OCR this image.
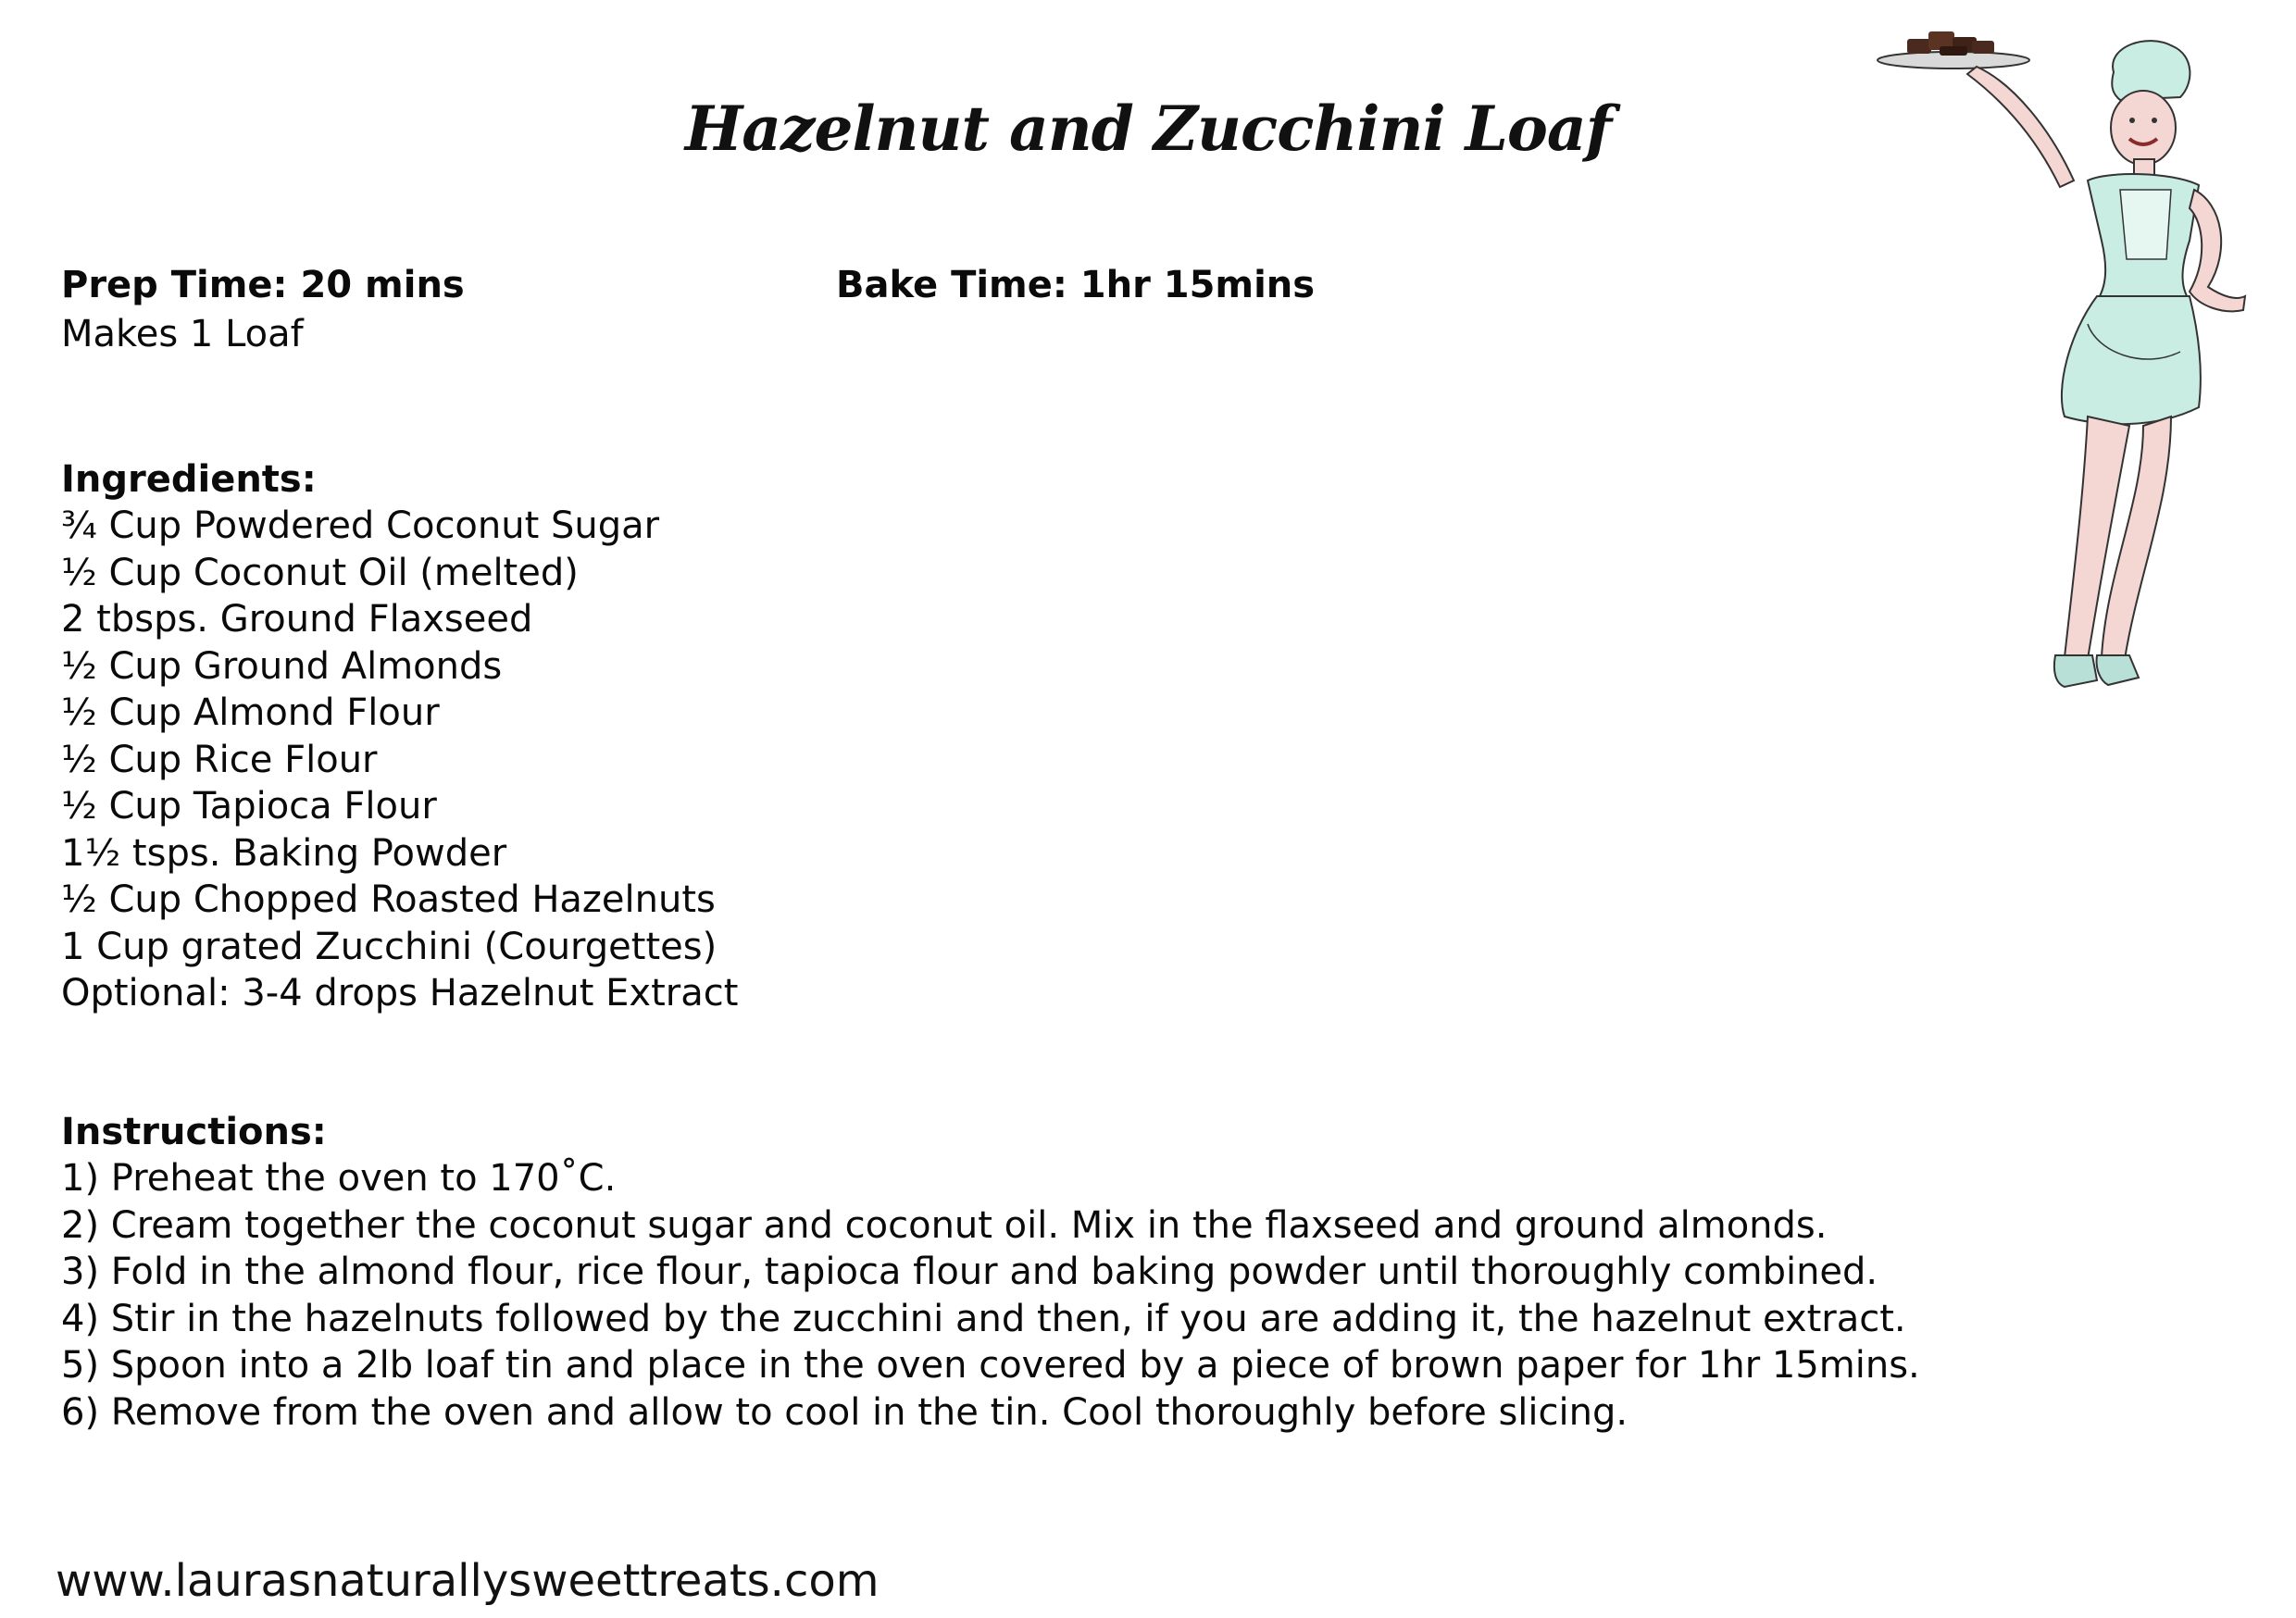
Hazelnut and Zucchini Loaf
Prep Time: 20 mins	Bake Time: 1hr 15mins
Makes 1 Loaf
Ingredients:
¾ Cup Powdered Coconut Sugar
½ Cup Coconut Oil (melted)
2 tbsps. Ground Flaxseed
½ Cup Ground Almonds
½ Cup Almond Flour
½ Cup Rice Flour
½ Cup Tapioca Flour
1½ tsps. Baking Powder
½ Cup Chopped Roasted Hazelnuts
1 Cup grated Zucchini (Courgettes)
Optional: 3-4 drops Hazelnut Extract
Instructions:
1) Preheat the oven to 170˚C.
2) Cream together the coconut sugar and coconut oil. Mix in the flaxseed and ground almonds.
3) Fold in the almond flour, rice flour, tapioca flour and baking powder until thoroughly combined.
4) Stir in the hazelnuts followed by the zucchini and then, if you are adding it, the hazelnut extract.
5) Spoon into a 2lb loaf tin and place in the oven covered by a piece of brown paper for 1hr 15mins.
6) Remove from the oven and allow to cool in the tin. Cool thoroughly before slicing.
www.laurasnaturallysweettreats.com
